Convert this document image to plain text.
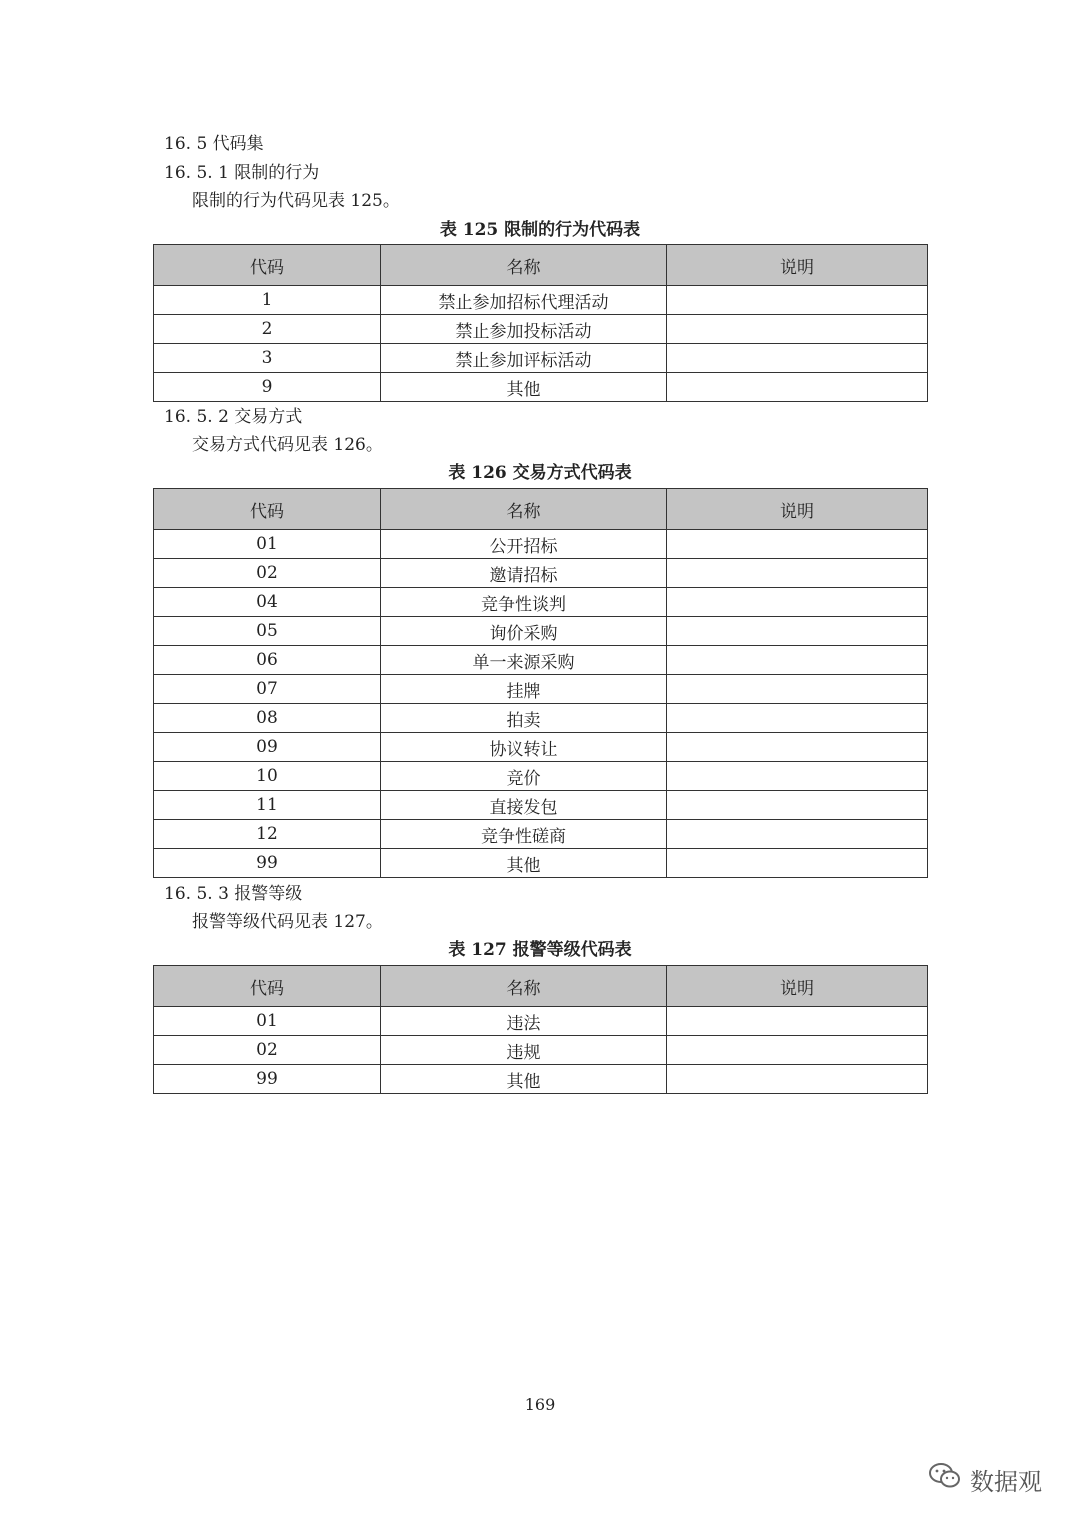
16. 5 代码集
16. 5. 1 限制的行为
限制的行为代码见表 125。
表 125 限制的行为代码表
代码	名称	说明
1	禁止参加招标代理活动	
2	禁止参加投标活动	
3	禁止参加评标活动	
9	其他	
16. 5. 2 交易方式
交易方式代码见表 126。
表 126 交易方式代码表
代码	名称	说明
01	公开招标	
02	邀请招标	
04	竞争性谈判	
05	询价采购	
06	单一来源采购	
07	挂牌	
08	拍卖	
09	协议转让	
10	竞价	
11	直接发包	
12	竞争性磋商	
99	其他	
16. 5. 3 报警等级
报警等级代码见表 127。
表 127 报警等级代码表
代码	名称	说明
01	违法	
02	违规	
99	其他	
169
数据观
